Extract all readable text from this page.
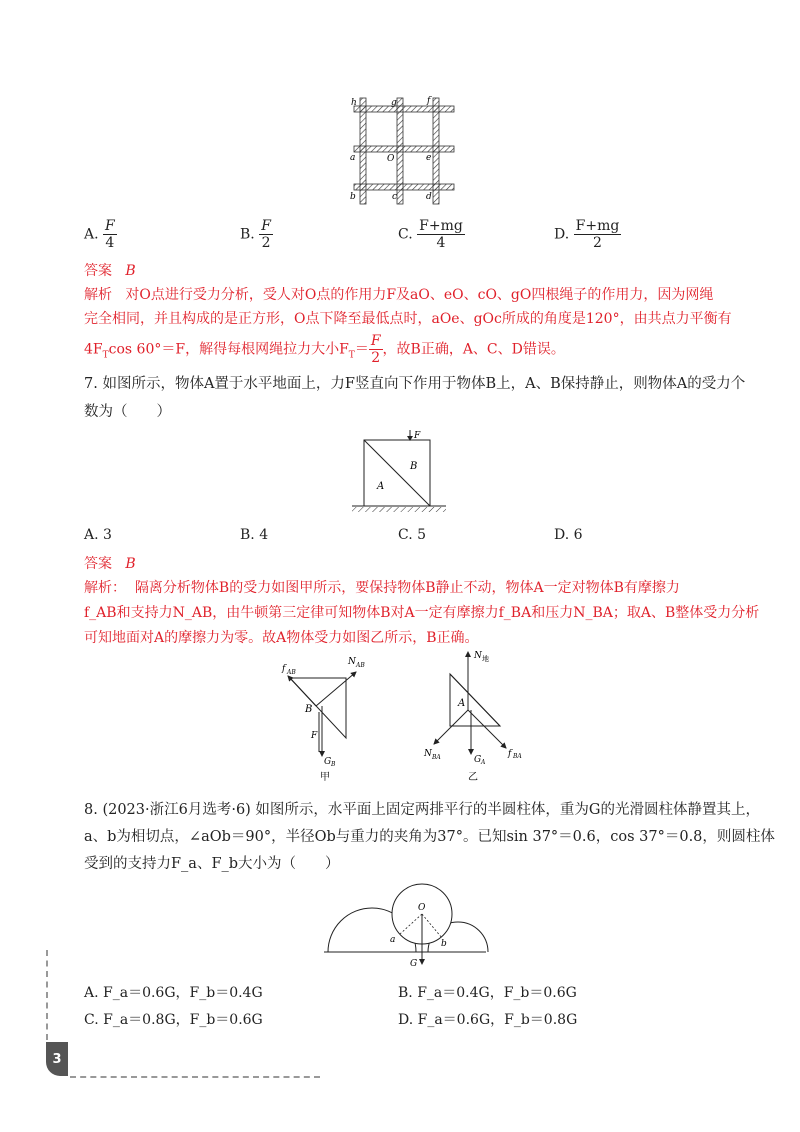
h	g	f
a	O	e
b	c	d
A. $\frac{F}{4}$	B. $\frac{F}{2}$	C. $\frac{F+mg}{4}$	D. $\frac{F+mg}{2}$
答案 B
解析 对O点进行受力分析，受人对O点的作用力F及aO、eO、cO、gO四根绳子的作用力，因为网绳
完全相同，并且构成的是正方形，O点下降至最低点时，aOe、gOc所成的角度是120°，由共点力平衡有
$4F_T\cos$ 60°＝F，解得每根网绳拉力大小$F_T= \frac{F}{2}$ ，故B正确，A、C、D错误。
7. 如图所示，物体A置于水平地面上，力F竖直向下作用于物体B上，A、B保持静止，则物体A的受力个
数为（　　）
F
B
A
A. 3	B. 4	C. 5	D. 6
答案 B
解析： 隔离分析物体B的受力如图甲所示，要保持物体B静止不动，物体A一定对物体B有摩擦力
f_AB和支持力N_AB，由牛顿第三定律可知物体B对A一定有摩擦力f_BA和压力N_BA；取A、B整体受力分析
可知地面对A的摩擦力为零。故A物体受力如图乙所示，B正确。
f AB
N AB
B
F
G B
甲
N 地
A
N BA	G A
f BA
乙
8. (2023·浙江6月选考·6) 如图所示，水平面上固定两排平行的半圆柱体，重为G的光滑圆柱体静置其上，
a、b为相切点，∠aOb＝90°，半径Ob与重力的夹角为37°。已知sin 37°＝0.6，cos 37°＝0.8，则圆柱体
受到的支持力F_a、F_b大小为（　　）
O
a	b
G
A. F_a＝0.6G，F_b＝0.4G	B. F_a＝0.4G，F_b＝0.6G
C. F_a＝0.8G，F_b＝0.6G	D. F_a＝0.6G，F_b＝0.8G
3
